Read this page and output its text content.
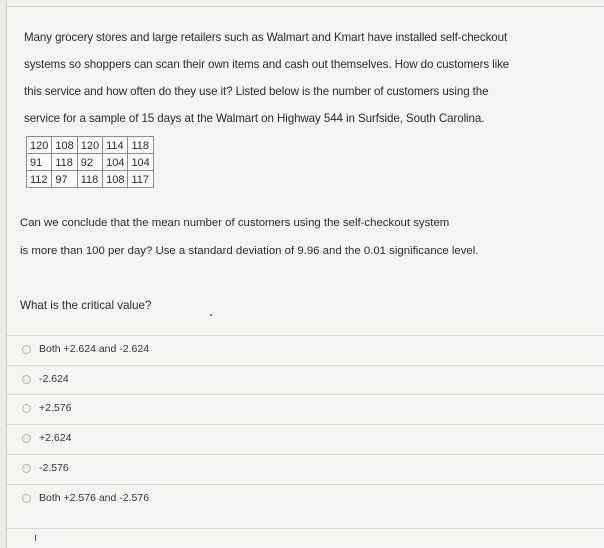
Many grocery stores and large retailers such as Walmart and Kmart have installed self-checkout

systems so shoppers can scan their own items and cash out themselves. How do customers like

this service and how often do they use it? Listed below is the number of customers using the

service for a sample of 15 days at the Walmart on Highway 544 in Surfside, South Carolina.

120	108	120	114	118
91	118	92	104	104
112	97	118	108	117

Can we conclude that the mean number of customers using the self-checkout system

is more than 100 per day? Use a standard deviation of 9.96 and the 0.01 significance level.

What is the critical value?

Both +2.624 and -2.624
-2.624
+2.576
+2.624
-2.576
Both +2.576 and -2.576
